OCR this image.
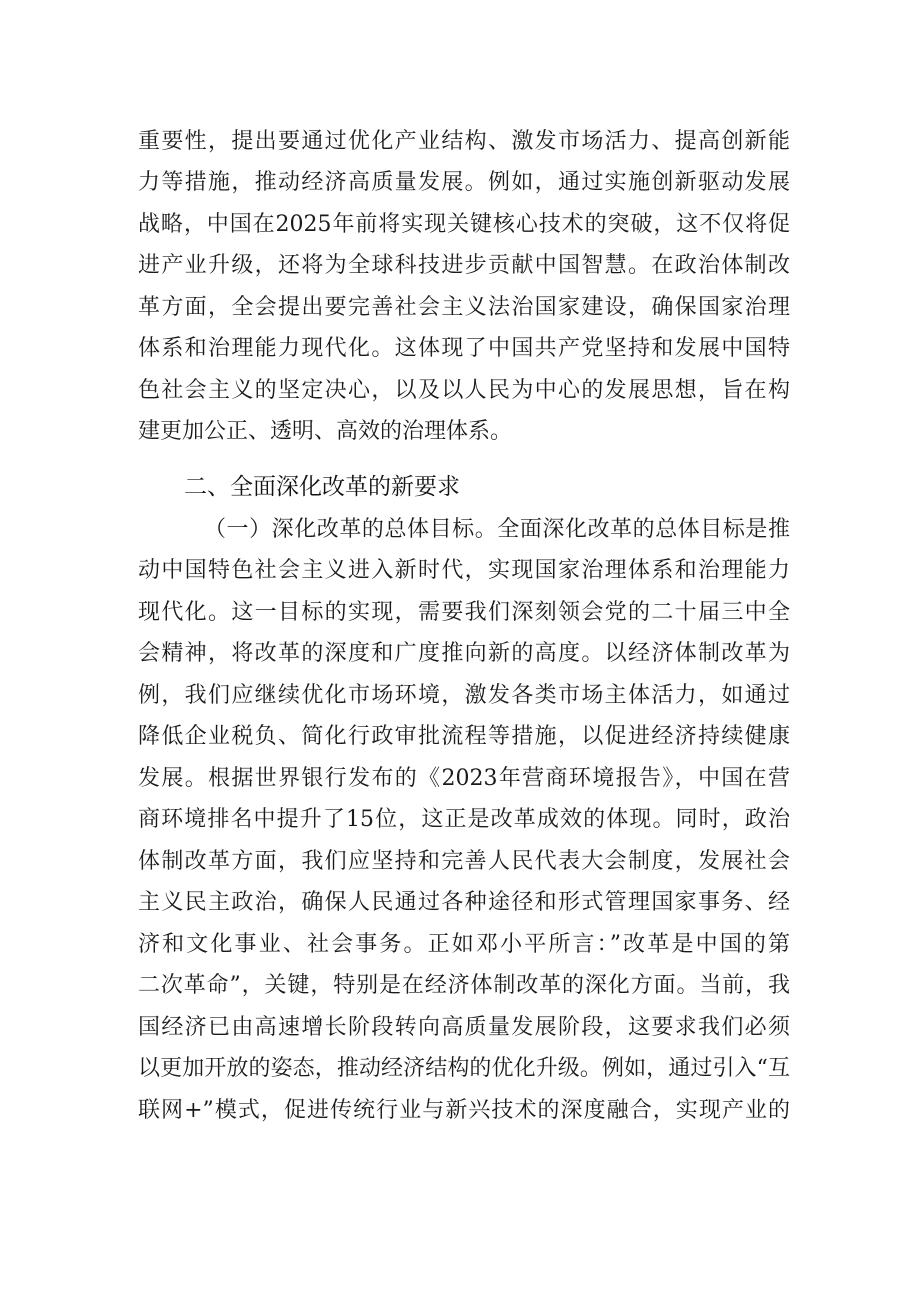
重要性，提出要通过优化产业结构、激发市场活力、提高创新能
力等措施，推动经济高质量发展。例如，通过实施创新驱动发展
战略，中国在2025年前将实现关键核心技术的突破，这不仅将促
进产业升级，还将为全球科技进步贡献中国智慧。在政治体制改
革方面，全会提出要完善社会主义法治国家建设，确保国家治理
体系和治理能力现代化。这体现了中国共产党坚持和发展中国特
色社会主义的坚定决心，以及以人民为中心的发展思想，旨在构
建更加公正、透明、高效的治理体系。
二、全面深化改革的新要求
（一）深化改革的总体目标。全面深化改革的总体目标是推
动中国特色社会主义进入新时代，实现国家治理体系和治理能力
现代化。这一目标的实现，需要我们深刻领会党的二十届三中全
会精神，将改革的深度和广度推向新的高度。以经济体制改革为
例，我们应继续优化市场环境，激发各类市场主体活力，如通过
降低企业税负、简化行政审批流程等措施，以促进经济持续健康
发展。根据世界银行发布的《2023年营商环境报告》，中国在营
商环境排名中提升了15位，这正是改革成效的体现。同时，政治
体制改革方面，我们应坚持和完善人民代表大会制度，发展社会
主义民主政治，确保人民通过各种途径和形式管理国家事务、经
济和文化事业、社会事务。正如邓小平所言：”改革是中国的第
二次革命”，关键，特别是在经济体制改革的深化方面。当前，我
国经济已由高速增长阶段转向高质量发展阶段，这要求我们必须
以更加开放的姿态，推动经济结构的优化升级。例如，通过引入“互
联网+”模式，促进传统行业与新兴技术的深度融合，实现产业的
